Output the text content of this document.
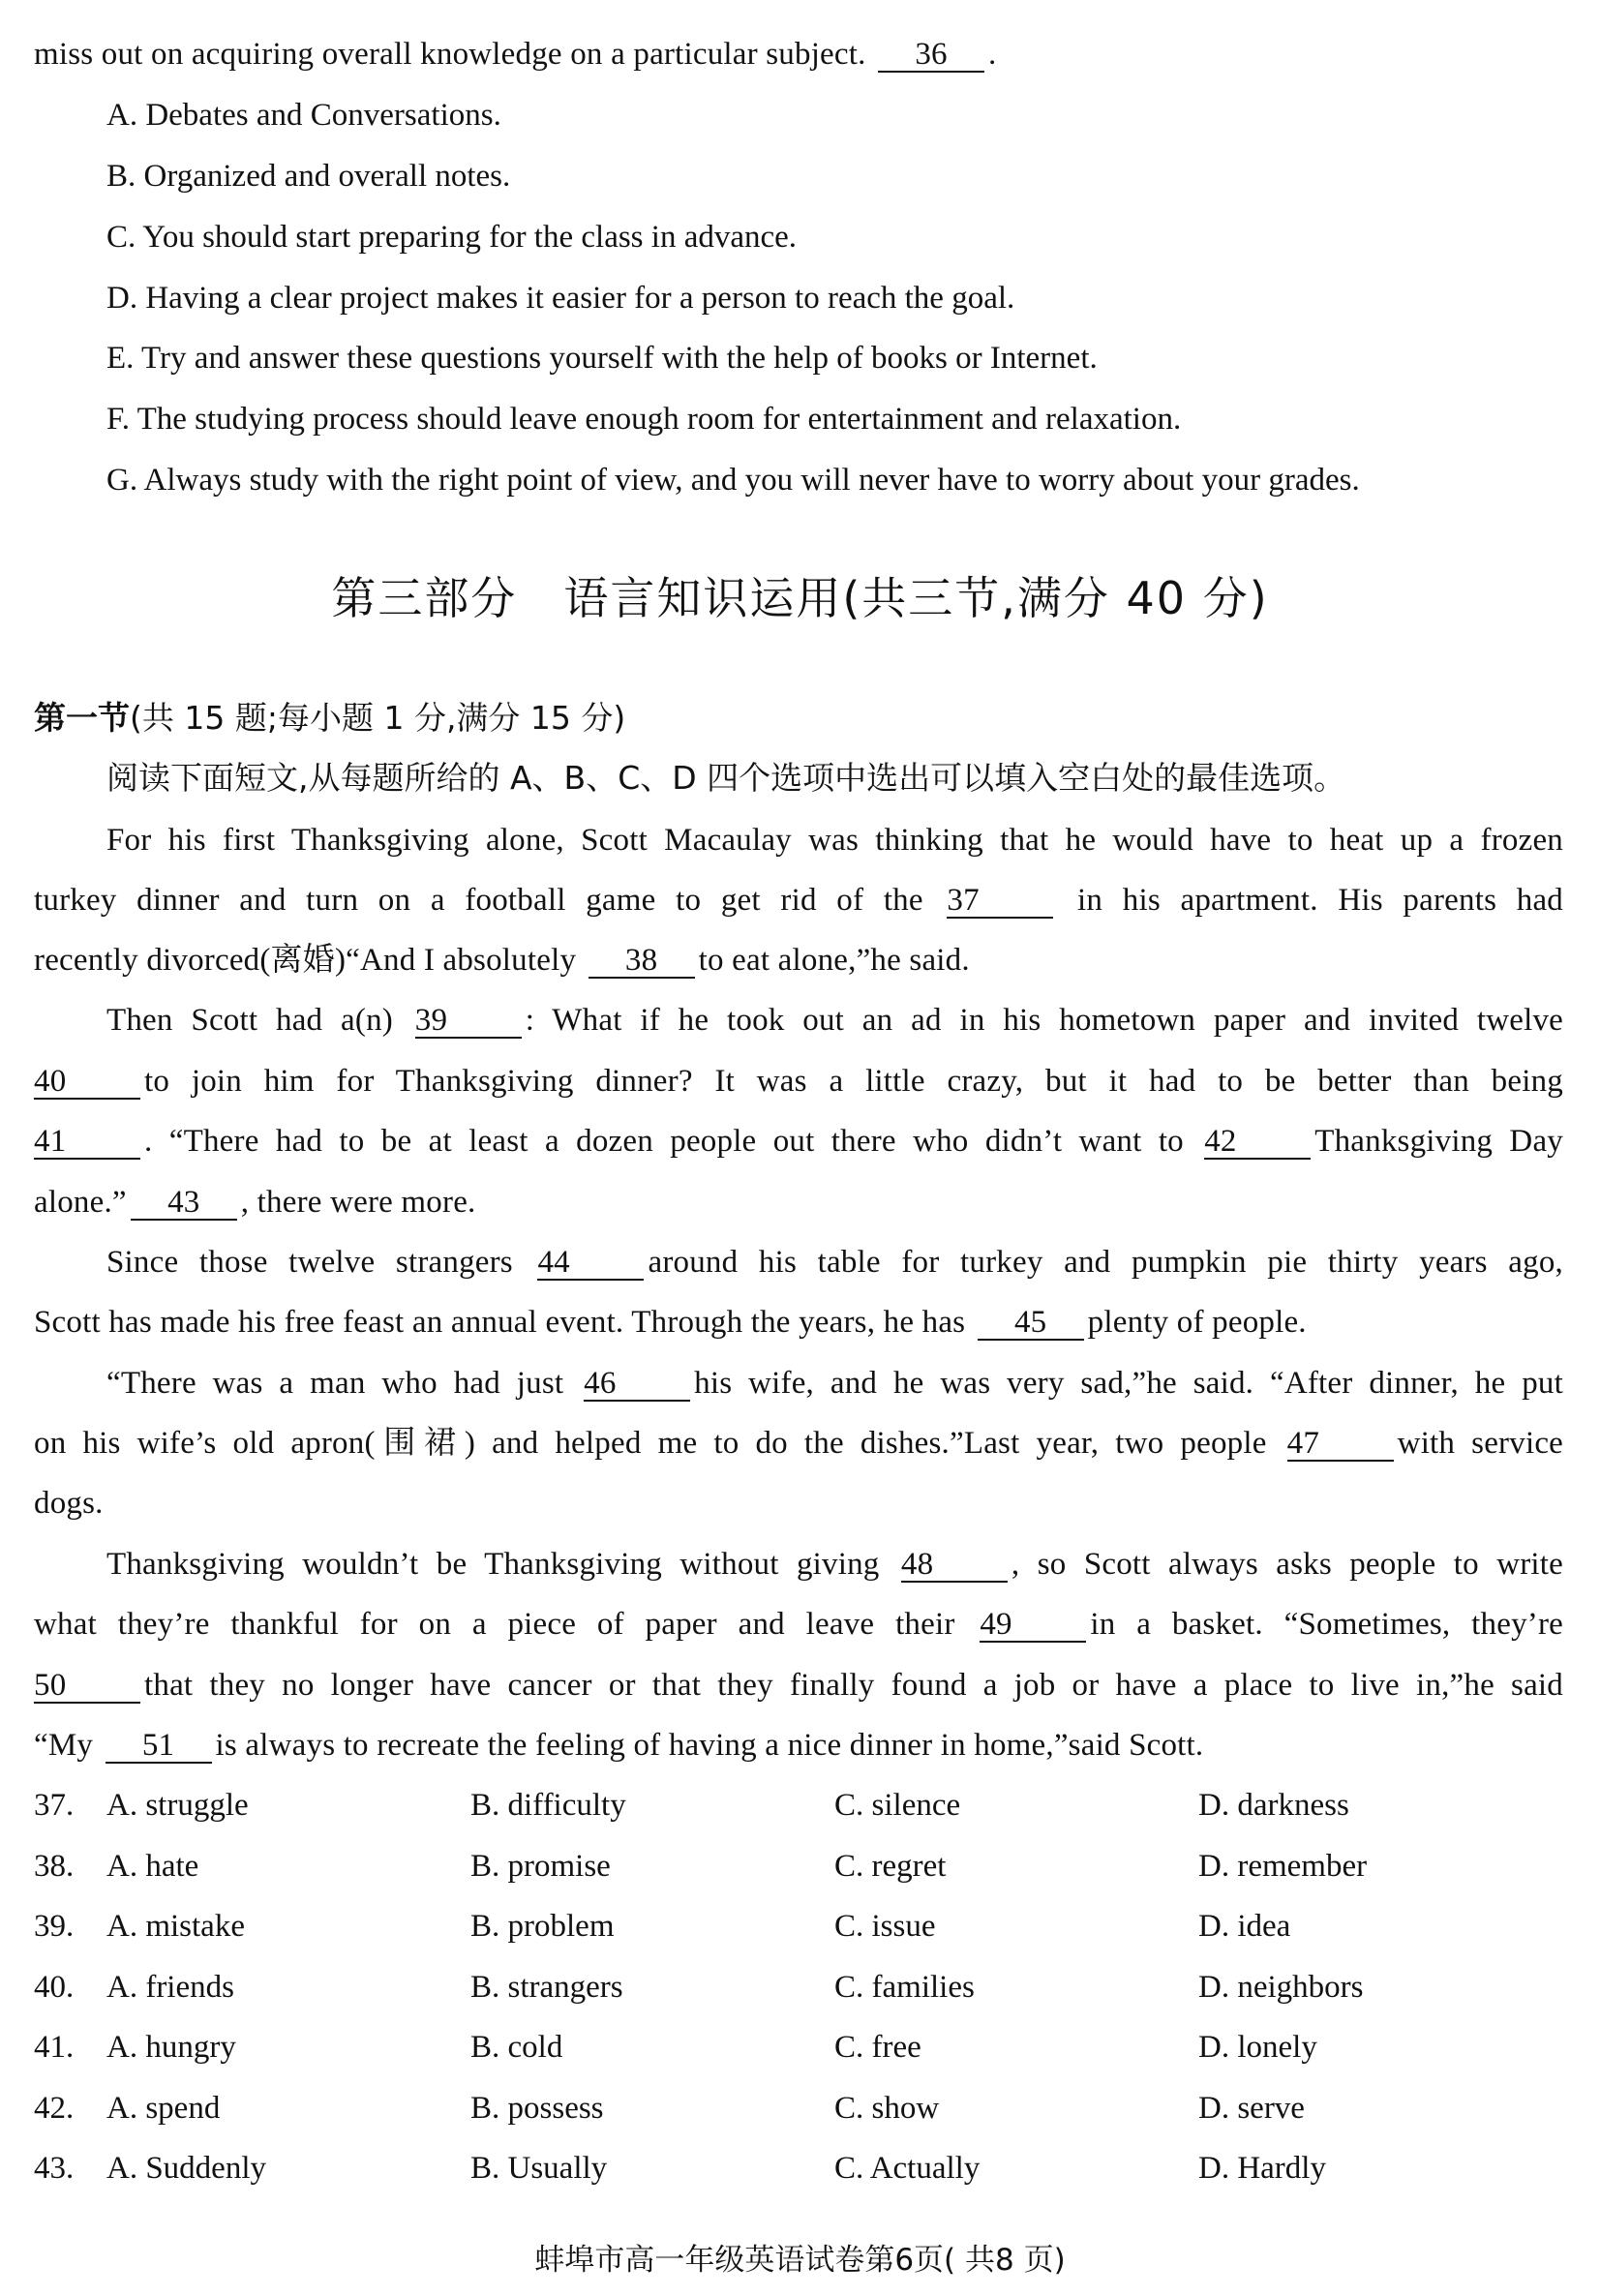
miss out on acquiring overall knowledge on a particular subject. 36 .
A. Debates and Conversations.
B. Organized and overall notes.
C. You should start preparing for the class in advance.
D. Having a clear project makes it easier for a person to reach the goal.
E. Try and answer these questions yourself with the help of books or Internet.
F. The studying process should leave enough room for entertainment and relaxation.
G. Always study with the right point of view, and you will never have to worry about your grades.
第三部分　语言知识运用(共三节,满分 40 分)
第一节(共 15 题;每小题 1 分,满分 15 分)
阅读下面短文,从每题所给的 A、B、C、D 四个选项中选出可以填入空白处的最佳选项。
For his first Thanksgiving alone, Scott Macaulay was thinking that he would have to heat up a frozen
turkey dinner and turn on a football game to get rid of the 37	in his apartment. His parents had
recently divorced(离婚)“And I absolutely 38 to eat alone,”he said.
Then Scott had a(n) 39 : What if he took out an ad in his hometown paper and invited twelve
40 to join him for Thanksgiving dinner? It was a little crazy, but it had to be better than being
41 . “There had to be at least a dozen people out there who didn’t want to 42 Thanksgiving Day
alone.” 43 , there were more.
Since those twelve strangers 44 around his table for turkey and pumpkin pie thirty years ago,
Scott has made his free feast an annual event. Through the years, he has 45 plenty of people.
“There was a man who had just 46 his wife, and he was very sad,”he said. “After dinner, he put
on his wife’s old apron(围裙) and helped me to do the dishes.”Last year, two people 47 with service
dogs.
Thanksgiving wouldn’t be Thanksgiving without giving 48 , so Scott always asks people to write
what they’re thankful for on a piece of paper and leave their 49 in a basket. “Sometimes, they’re
50 that they no longer have cancer or that they finally found a job or have a place to live in,”he said
“My 51 is always to recreate the feeling of having a nice dinner in home,”said Scott.
37. A. struggle	B. difficulty	C. silence	D. darkness
38. A. hate	B. promise	C. regret	D. remember
39. A. mistake	B. problem	C. issue	D. idea
40. A. friends	B. strangers	C. families	D. neighbors
41. A. hungry	B. cold	C. free	D. lonely
42. A. spend	B. possess	C. show	D. serve
43. A. Suddenly	B. Usually	C. Actually	D. Hardly
蚌埠市高一年级英语试卷第6页( 共8 页)
